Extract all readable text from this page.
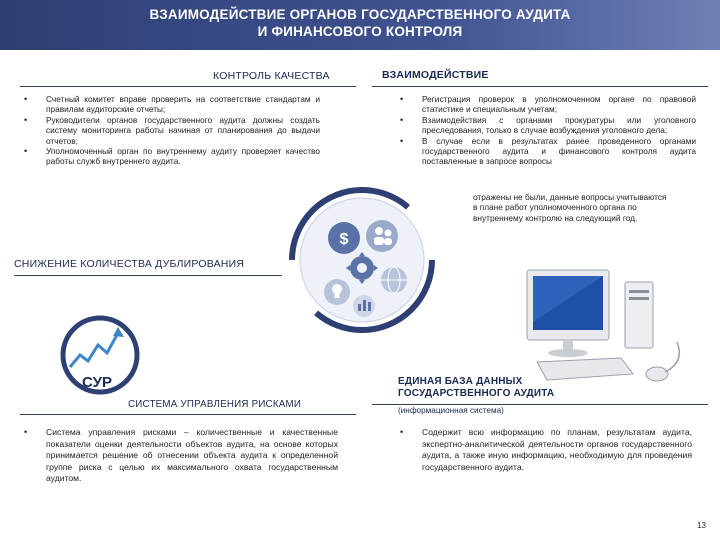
ВЗАИМОДЕЙСТВИЕ ОРГАНОВ ГОСУДАРСТВЕННОГО АУДИТА
И ФИНАНСОВОГО КОНТРОЛЯ
КОНТРОЛЬ КАЧЕСТВА
• Счетный комитет вправе проверить на соответствие стандартам и правилам аудиторские отчеты;
• Руководители органов государственного аудита должны создать систему мониторинга работы начиная от планирования до выдачи отчетов;
• Уполномоченный орган по внутреннему аудиту проверяет качество работы служб внутреннего аудита.
ВЗАИМОДЕЙСТВИЕ
• Регистрация проверок в уполномоченном органе по правовой статистике и специальным учетам;
• Взаимодействия с органами прокуратуры или уголовного преследования, только в случае возбуждения уголовного дела;
• В случае если в результатах ранее проведенного органами государственного аудита и финансового контроля аудита поставленные в запросе вопросы
отражены не были, данные вопросы учитываются в плане работ уполномоченного органа по внутреннему контролю на следующий год.
СНИЖЕНИЕ КОЛИЧЕСТВА ДУБЛИРОВАНИЯ
$
СУР
СИСТЕМА УПРАВЛЕНИЯ РИСКАМИ
• Система управления рисками – количественные и качественные показатели оценки деятельности объектов аудита, на основе которых принимается решение об отнесении объекта аудита к определенной группе риска с целью их максимального охвата государственным аудитом.
ЕДИНАЯ БАЗА ДАННЫХ
ГОСУДАРСТВЕННОГО АУДИТА
(информационная система)
• Содержит всю информацию по планам, результатам аудита, экспертно-аналитической деятельности органов государственного аудита, а также иную информацию, необходимую для проведения государственного аудита.
13
